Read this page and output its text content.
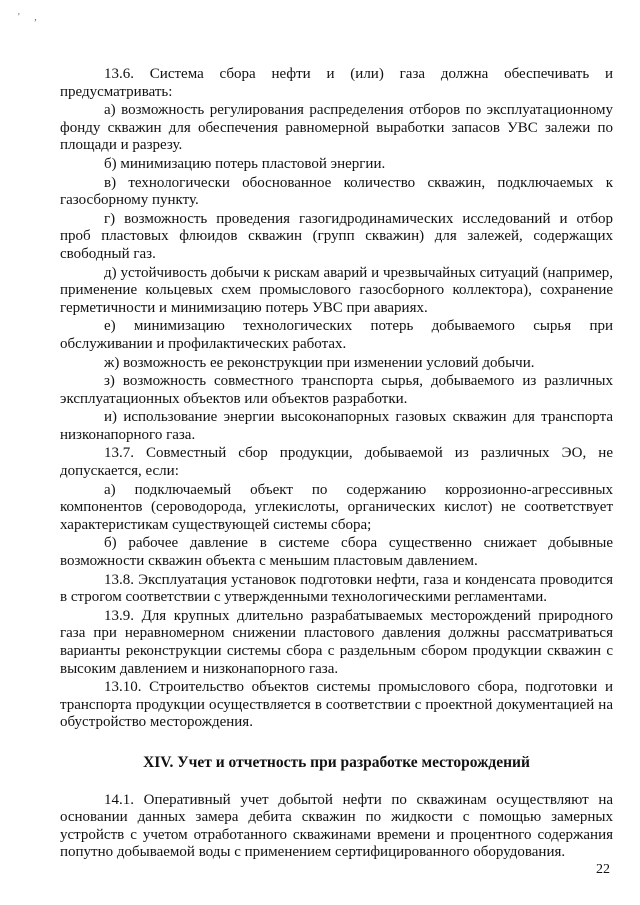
' ,

13.6. Система сбора нефти и (или) газа должна обеспечивать и предусматривать:

а) возможность регулирования распределения отборов по эксплуатационному фонду скважин для обеспечения равномерной выработки запасов УВС залежи по площади и разрезу.

б) минимизацию потерь пластовой энергии.

в) технологически обоснованное количество скважин, подключаемых к газосборному пункту.

г) возможность проведения газогидродинамических исследований и отбор проб пластовых флюидов скважин (групп скважин) для залежей, содержащих свободный газ.

д) устойчивость добычи к рискам аварий и чрезвычайных ситуаций (например, применение кольцевых схем промыслового газосборного коллектора), сохранение герметичности и минимизацию потерь УВС при авариях.

е) минимизацию технологических потерь добываемого сырья при обслуживании и профилактических работах.

ж) возможность ее реконструкции при изменении условий добычи.

з) возможность совместного транспорта сырья, добываемого из различных эксплуатационных объектов или объектов разработки.

и) использование энергии высоконапорных газовых скважин для транспорта низконапорного газа.

13.7. Совместный сбор продукции, добываемой из различных ЭО, не допускается, если:

а) подключаемый объект по содержанию коррозионно-агрессивных компонентов (сероводорода, углекислоты, органических кислот) не соответствует характеристикам существующей системы сбора;

б) рабочее давление в системе сбора существенно снижает добывные возможности скважин объекта с меньшим пластовым давлением.

13.8. Эксплуатация установок подготовки нефти, газа и конденсата проводится в строгом соответствии с утвержденными технологическими регламентами.

13.9. Для крупных длительно разрабатываемых месторождений природного газа при неравномерном снижении пластового давления должны рассматриваться варианты реконструкции системы сбора с раздельным сбором продукции скважин с высоким давлением и низконапорного газа.

13.10. Строительство объектов системы промыслового сбора, подготовки и транспорта продукции осуществляется в соответствии с проектной документацией на обустройство месторождения.

XIV. Учет и отчетность при разработке месторождений

14.1. Оперативный учет добытой нефти по скважинам осуществляют на основании данных замера дебита скважин по жидкости с помощью замерных устройств с учетом отработанного скважинами времени и процентного содержания попутно добываемой воды с применением сертифицированного оборудования.

22
